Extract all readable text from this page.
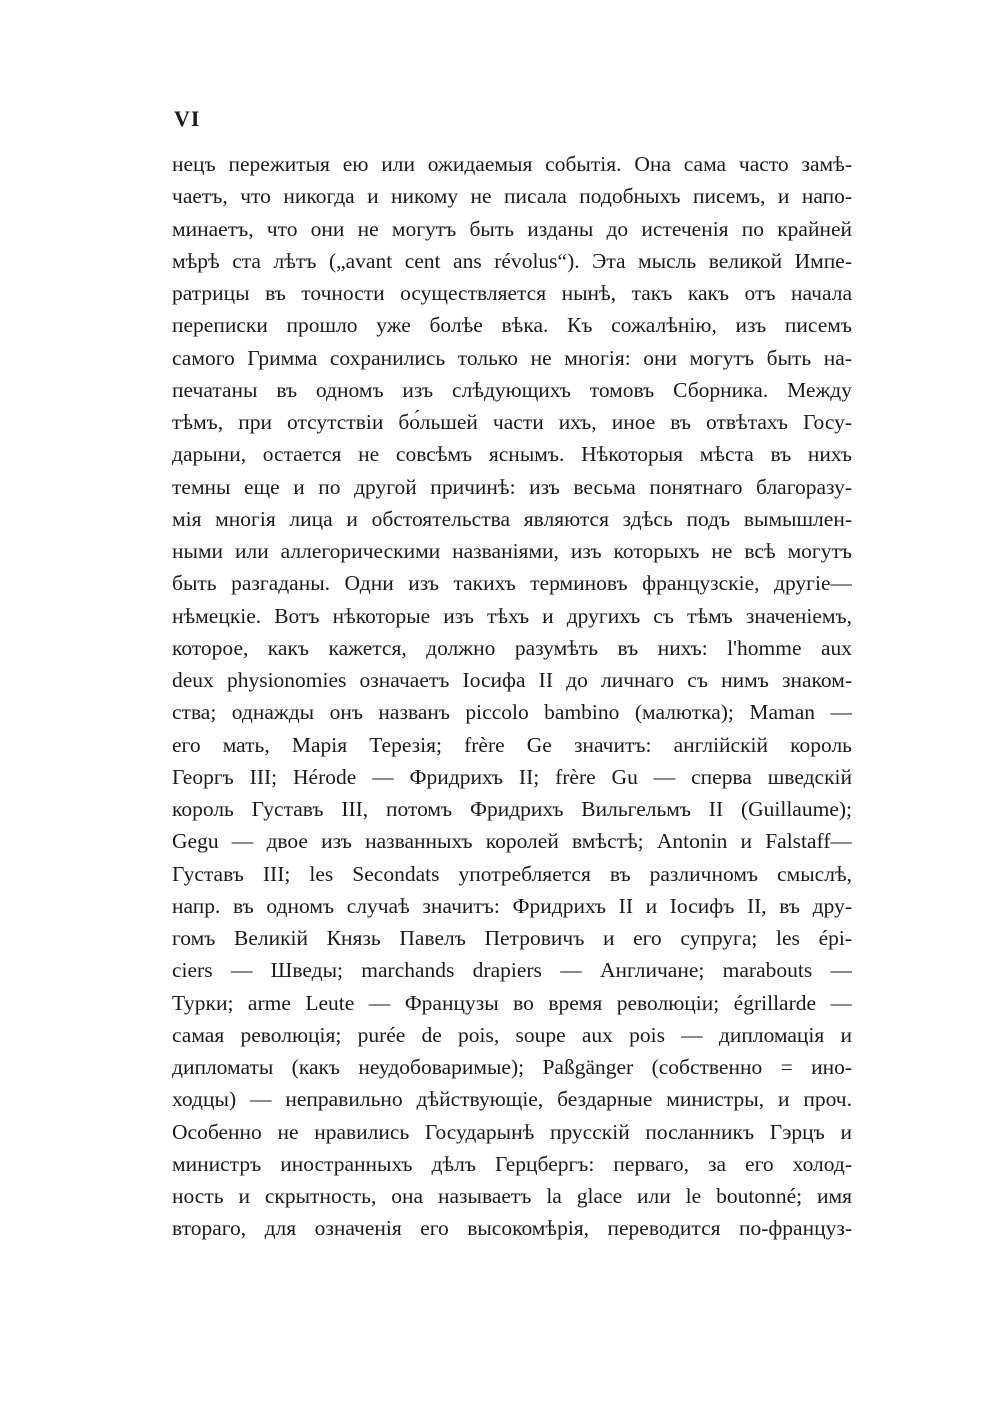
VI
нецъ пережитыя ею или ожидаемыя событія. Она сама часто замѣ-
чаетъ, что никогда и никому не писала подобныхъ писемъ, и напо-
минаетъ, что они не могутъ быть изданы до истеченія по крайней
мѣрѣ ста лѣтъ („avant cent ans révolus“). Эта мысль великой Импе-
ратрицы въ точности осуществляется нынѣ, такъ какъ отъ начала
переписки прошло уже болѣе вѣка. Къ сожалѣнію, изъ писемъ
самого Гримма сохранились только не многія: они могутъ быть на-
печатаны въ одномъ изъ слѣдующихъ томовъ Сборника. Между
тѣмъ, при отсутствіи бо́льшей части ихъ, иное въ отвѣтахъ Госу-
дарыни, остается не совсѣмъ яснымъ. Нѣкоторыя мѣста въ нихъ
темны еще и по другой причинѣ: изъ весьма понятнаго благоразу-
мія многія лица и обстоятельства являются здѣсь подъ вымышлен-
ными или аллегорическими названіями, изъ которыхъ не всѣ могутъ
быть разгаданы. Одни изъ такихъ терминовъ французскіе, другіе—
нѣмецкіе. Вотъ нѣкоторые изъ тѣхъ и другихъ съ тѣмъ значеніемъ,
которое, какъ кажется, должно разумѣть въ нихъ: l'homme aux
deux physionomies означаетъ Іосифа II до личнаго съ нимъ знаком-
ства; однажды онъ названъ piccolo bambino (малютка); Maman —
его мать, Марія Терезія; frère Ge значитъ: англійскій король
Георгъ III; Hérode — Фридрихъ II; frère Gu — сперва шведскій
король Густавъ III, потомъ Фридрихъ Вильгельмъ II (Guillaume);
Gegu — двое изъ названныхъ королей вмѣстѣ; Antonin и Falstaff—
Густавъ III; les Secondats употребляется въ различномъ смыслѣ,
напр. въ одномъ случаѣ значитъ: Фридрихъ II и Іосифъ II, въ дру-
гомъ Великій Князь Павелъ Петровичъ и его супруга; les épi-
ciers — Шведы; marchands drapiers — Англичане; marabouts —
Турки; arme Leute — Французы во время революціи; égrillarde —
самая революція; purée de pois, soupe aux pois — дипломація и
дипломаты (какъ неудобоваримые); Paßgänger (собственно = ино-
ходцы) — неправильно дѣйствующіе, бездарные министры, и проч.
Особенно не нравились Государынѣ прусскій посланникъ Гэрцъ и
министръ иностранныхъ дѣлъ Герцбергъ: перваго, за его холод-
ность и скрытность, она называетъ la glace или le boutonné; имя
втораго, для означенія его высокомѣрія, переводится по-француз-
